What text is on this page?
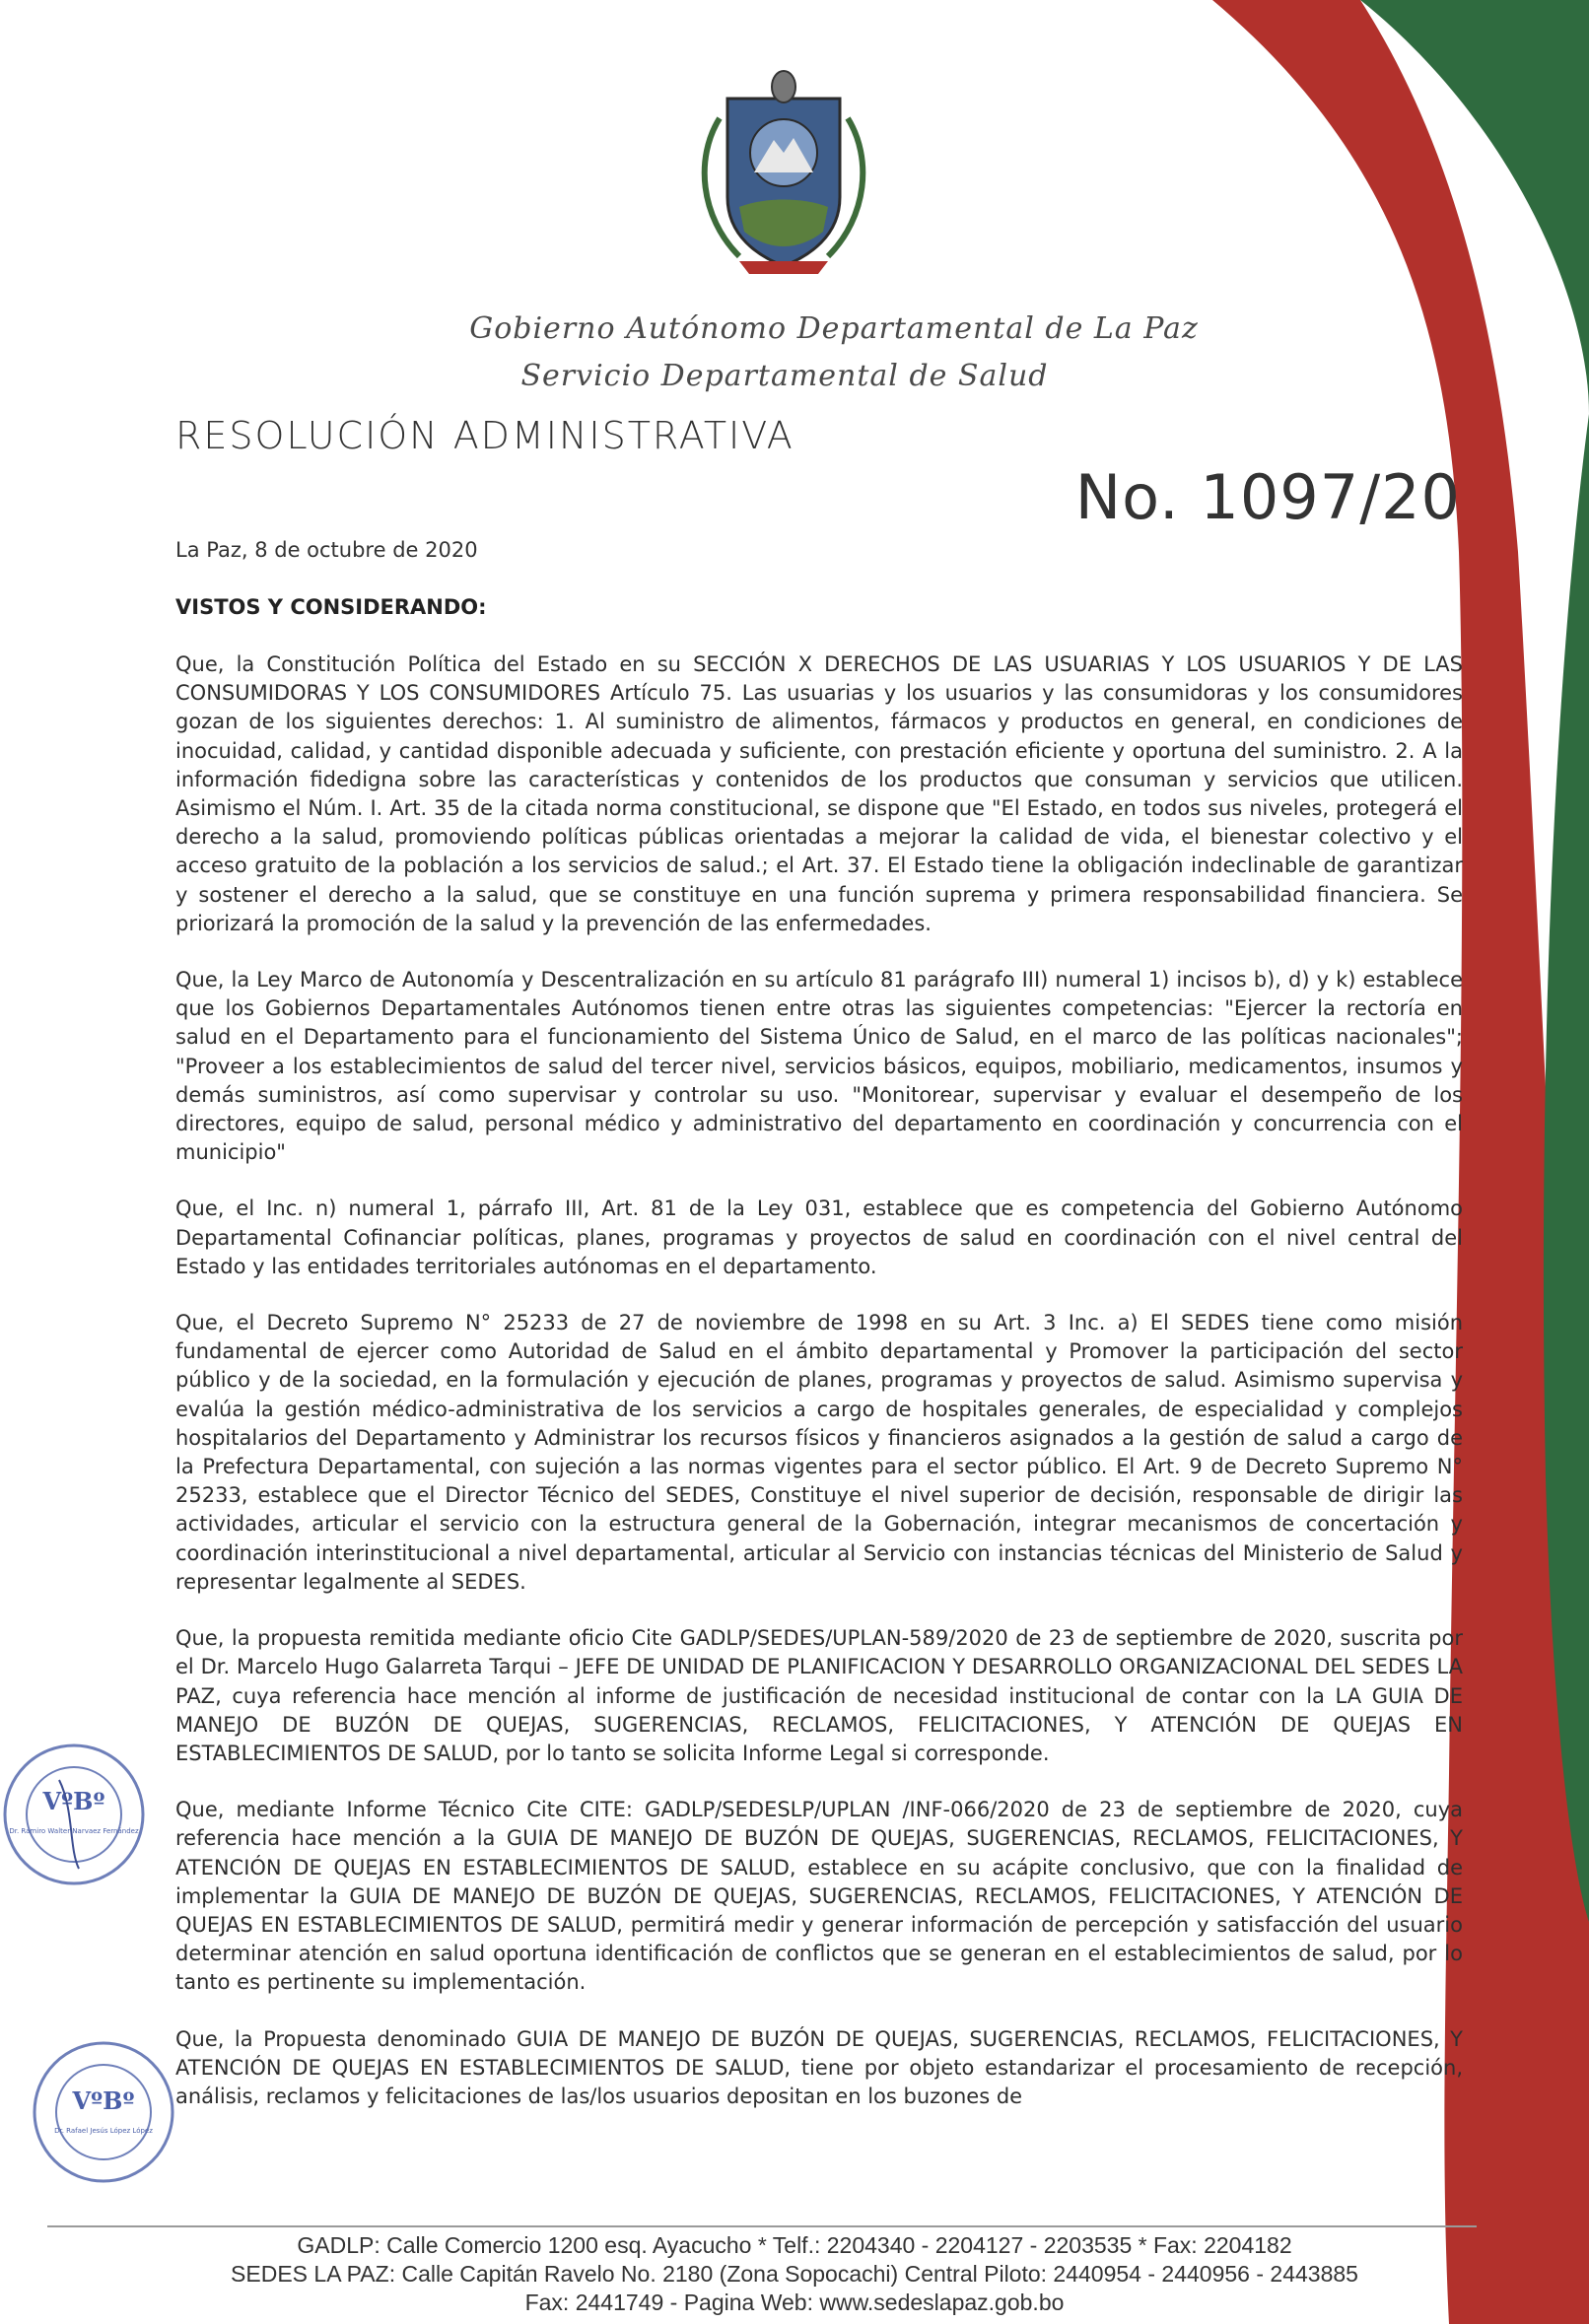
Gobierno Autónomo Departamental de La Paz
Servicio Departamental de Salud
RESOLUCIÓN ADMINISTRATIVA
No. 1097/20
La Paz, 8 de octubre de 2020
VISTOS Y CONSIDERANDO:

Que, la Constitución Política del Estado en su SECCIÓN X DERECHOS DE LAS USUARIAS Y LOS USUARIOS Y DE LAS CONSUMIDORAS Y LOS CONSUMIDORES Artículo 75. Las usuarias y los usuarios y las consumidoras y los consumidores gozan de los siguientes derechos: 1. Al suministro de alimentos, fármacos y productos en general, en condiciones de inocuidad, calidad, y cantidad disponible adecuada y suficiente, con prestación eficiente y oportuna del suministro. 2. A la información fidedigna sobre las características y contenidos de los productos que consuman y servicios que utilicen. Asimismo el Núm. I. Art. 35 de la citada norma constitucional, se dispone que "El Estado, en todos sus niveles, protegerá el derecho a la salud, promoviendo políticas públicas orientadas a mejorar la calidad de vida, el bienestar colectivo y el acceso gratuito de la población a los servicios de salud.; el Art. 37. El Estado tiene la obligación indeclinable de garantizar y sostener el derecho a la salud, que se constituye en una función suprema y primera responsabilidad financiera. Se priorizará la promoción de la salud y la prevención de las enfermedades.

Que, la Ley Marco de Autonomía y Descentralización en su artículo 81 parágrafo III) numeral 1) incisos b), d) y k) establece que los Gobiernos Departamentales Autónomos tienen entre otras las siguientes competencias: "Ejercer la rectoría en salud en el Departamento para el funcionamiento del Sistema Único de Salud, en el marco de las políticas nacionales"; "Proveer a los establecimientos de salud del tercer nivel, servicios básicos, equipos, mobiliario, medicamentos, insumos y demás suministros, así como supervisar y controlar su uso. "Monitorear, supervisar y evaluar el desempeño de los directores, equipo de salud, personal médico y administrativo del departamento en coordinación y concurrencia con el municipio"

Que, el Inc. n) numeral 1, párrafo III, Art. 81 de la Ley 031, establece que es competencia del Gobierno Autónomo Departamental Cofinanciar políticas, planes, programas y proyectos de salud en coordinación con el nivel central del Estado y las entidades territoriales autónomas en el departamento.

Que, el Decreto Supremo N° 25233 de 27 de noviembre de 1998 en su Art. 3 Inc. a) El SEDES tiene como misión fundamental de ejercer como Autoridad de Salud en el ámbito departamental y Promover la participación del sector público y de la sociedad, en la formulación y ejecución de planes, programas y proyectos de salud. Asimismo supervisa y evalúa la gestión médico-administrativa de los servicios a cargo de hospitales generales, de especialidad y complejos hospitalarios del Departamento y Administrar los recursos físicos y financieros asignados a la gestión de salud a cargo de la Prefectura Departamental, con sujeción a las normas vigentes para el sector público. El Art. 9 de Decreto Supremo N° 25233, establece que el Director Técnico del SEDES, Constituye el nivel superior de decisión, responsable de dirigir las actividades, articular el servicio con la estructura general de la Gobernación, integrar mecanismos de concertación y coordinación interinstitucional a nivel departamental, articular al Servicio con instancias técnicas del Ministerio de Salud y representar legalmente al SEDES.

Que, la propuesta remitida mediante oficio Cite GADLP/SEDES/UPLAN-589/2020 de 23 de septiembre de 2020, suscrita por el Dr. Marcelo Hugo Galarreta Tarqui – JEFE DE UNIDAD DE PLANIFICACION Y DESARROLLO ORGANIZACIONAL DEL SEDES LA PAZ, cuya referencia hace mención al informe de justificación de necesidad institucional de contar con la LA GUIA DE MANEJO DE BUZÓN DE QUEJAS, SUGERENCIAS, RECLAMOS, FELICITACIONES, Y ATENCIÓN DE QUEJAS EN ESTABLECIMIENTOS DE SALUD, por lo tanto se solicita Informe Legal si corresponde.

Que, mediante Informe Técnico Cite CITE: GADLP/SEDESLP/UPLAN /INF-066/2020 de 23 de septiembre de 2020, cuya referencia hace mención a la GUIA DE MANEJO DE BUZÓN DE QUEJAS, SUGERENCIAS, RECLAMOS, FELICITACIONES, Y ATENCIÓN DE QUEJAS EN ESTABLECIMIENTOS DE SALUD, establece en su acápite conclusivo, que con la finalidad de implementar la GUIA DE MANEJO DE BUZÓN DE QUEJAS, SUGERENCIAS, RECLAMOS, FELICITACIONES, Y ATENCIÓN DE QUEJAS EN ESTABLECIMIENTOS DE SALUD, permitirá medir y generar información de percepción y satisfacción del usuario determinar atención en salud oportuna identificación de conflictos que se generan en el establecimientos de salud, por lo tanto es pertinente su implementación.

Que, la Propuesta denominado GUIA DE MANEJO DE BUZÓN DE QUEJAS, SUGERENCIAS, RECLAMOS, FELICITACIONES, Y ATENCIÓN DE QUEJAS EN ESTABLECIMIENTOS DE SALUD, tiene por objeto estandarizar el procesamiento de recepción, análisis, reclamos y felicitaciones de las/los usuarios depositan en los buzones de

VºBº
Dr. Ramiro Walter Narvaez Fernández
VºBº
Dr. Rafael Jesús López López
GADLP: Calle Comercio 1200 esq. Ayacucho * Telf.: 2204340 - 2204127 - 2203535 * Fax: 2204182
SEDES LA PAZ: Calle Capitán Ravelo No. 2180 (Zona Sopocachi) Central Piloto: 2440954 - 2440956 - 2443885
Fax: 2441749 - Pagina Web: www.sedeslapaz.gob.bo
